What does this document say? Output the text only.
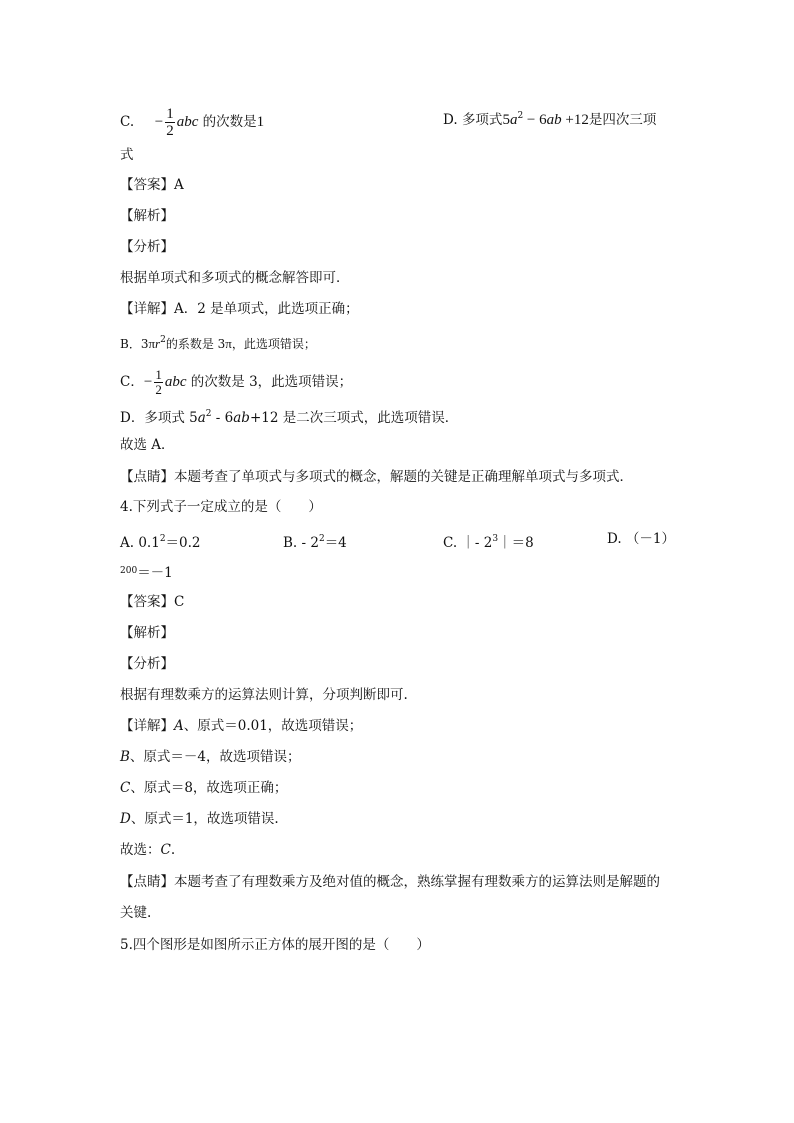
C. − $\frac{1}{2}$ abc 的次数是1	D. 多项式$5a^2 - 6ab +12$是四次三项
式
【答案】A
【解析】
【分析】
根据单项式和多项式的概念解答即可．
【详解】A．2 是单项式，此选项正确；
B．$3\pi r^2$的系数是 3π，此选项错误；
C．− $\frac{1}{2}$ abc 的次数是 3，此选项错误；
D．多项式 $5a^2 - 6ab+12$ 是二次三项式，此选项错误．
故选 A．
【点睛】本题考查了单项式与多项式的概念，解题的关键是正确理解单项式与多项式．
4.下列式子一定成立的是（　　）
A. $0.1^2=0.2$	B. - $2^2=4$	C. ｜- $2^3|=8$	D. （－1）
$^{200}$＝－1
【答案】C
【解析】
【分析】
根据有理数乘方的运算法则计算，分项判断即可.
【详解】A、原式＝0.01，故选项错误；
B、原式＝－4，故选项错误；
C、原式＝8，故选项正确；
D、原式＝1，故选项错误.
故选：C.
【点睛】本题考查了有理数乘方及绝对值的概念，熟练掌握有理数乘方的运算法则是解题的
关键.
5.四个图形是如图所示正方体的展开图的是（　　）
